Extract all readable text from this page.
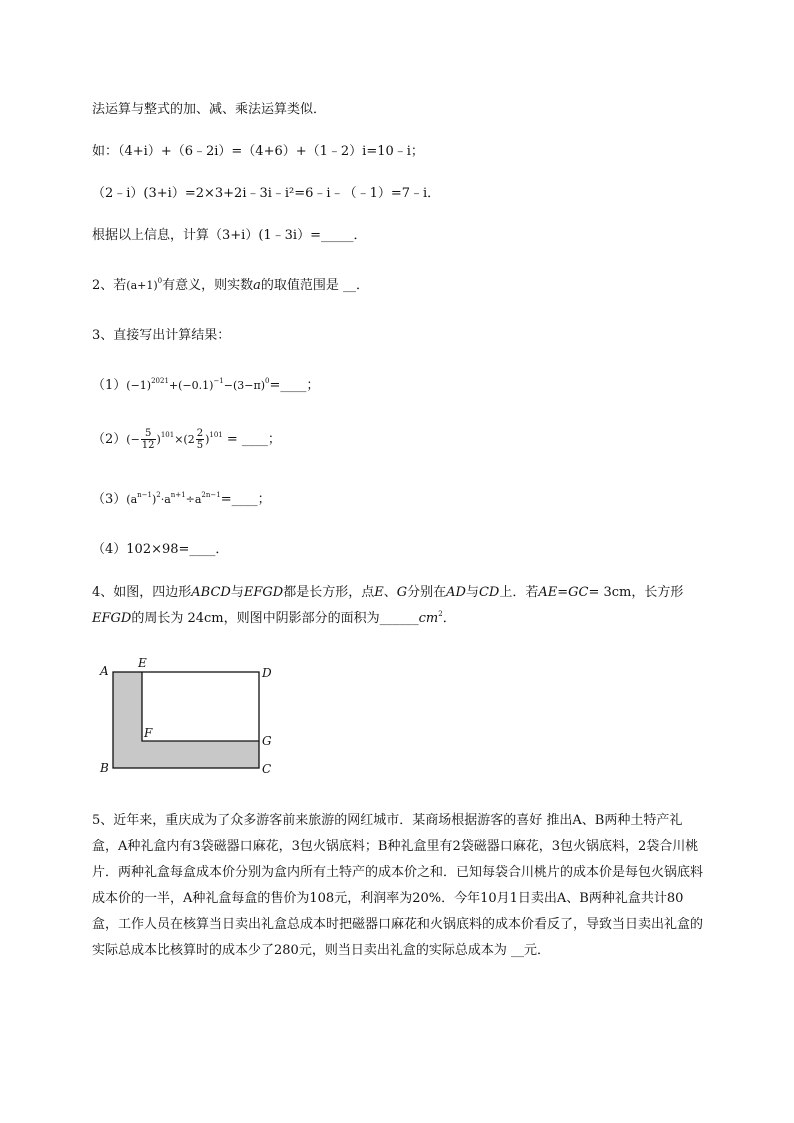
法运算与整式的加、减、乘法运算类似．
如：（4+i）+（6﹣2i）=（4+6）+（1﹣2）i=10﹣i；
（2﹣i）(3+i）=2×3+2i﹣3i﹣i²=6﹣i﹣（﹣1）=7﹣i．
根据以上信息，计算（3+i）(1﹣3i）=_____．
2、若$(a+1)^0$有意义，则实数a的取值范围是 __．
3、直接写出计算结果：
$(1)(-1)^{2021}+(-0.1)^{-1}-(3-\pi)^0=\_\_\_\_$；
$(2)(- \frac{5}{12} )^{101}\times(2 \frac{2}{5} )^{101}$ = ____；
$(3)(a^{n-1})^2\cdot a^{n+1}\div a^{2n-1}=\_\_\_\_$；
（4）102×98=____．
4、如图，四边形ABCD与EFGD都是长方形，点E、G分别在AD与CD上．若AE=GC= 3cm，长方形EFGD的周长为 24cm，则图中阴影部分的面积为$\_\_\_\_\_\_cm^2$．
A
E
D
F
G
B	C
5、近年来，重庆成为了众多游客前来旅游的网红城市．某商场根据游客的喜好 推出A、B两种土特产礼盒，A种礼盒内有3袋磁器口麻花，3包火锅底料；B种礼盒里有2袋磁器口麻花，3包火锅底料，2袋合川桃片．两种礼盒每盒成本价分别为盒内所有土特产的成本价之和．已知每袋合川桃片的成本价是每包火锅底料成本价的一半，A种礼盒每盒的售价为108元，利润率为20%．今年10月1日卖出A、B两种礼盒共计80盒，工作人员在核算当日卖出礼盒总成本时把磁器口麻花和火锅底料的成本价看反了，导致当日卖出礼盒的实际总成本比核算时的成本少了280元，则当日卖出礼盒的实际总成本为 __元．
